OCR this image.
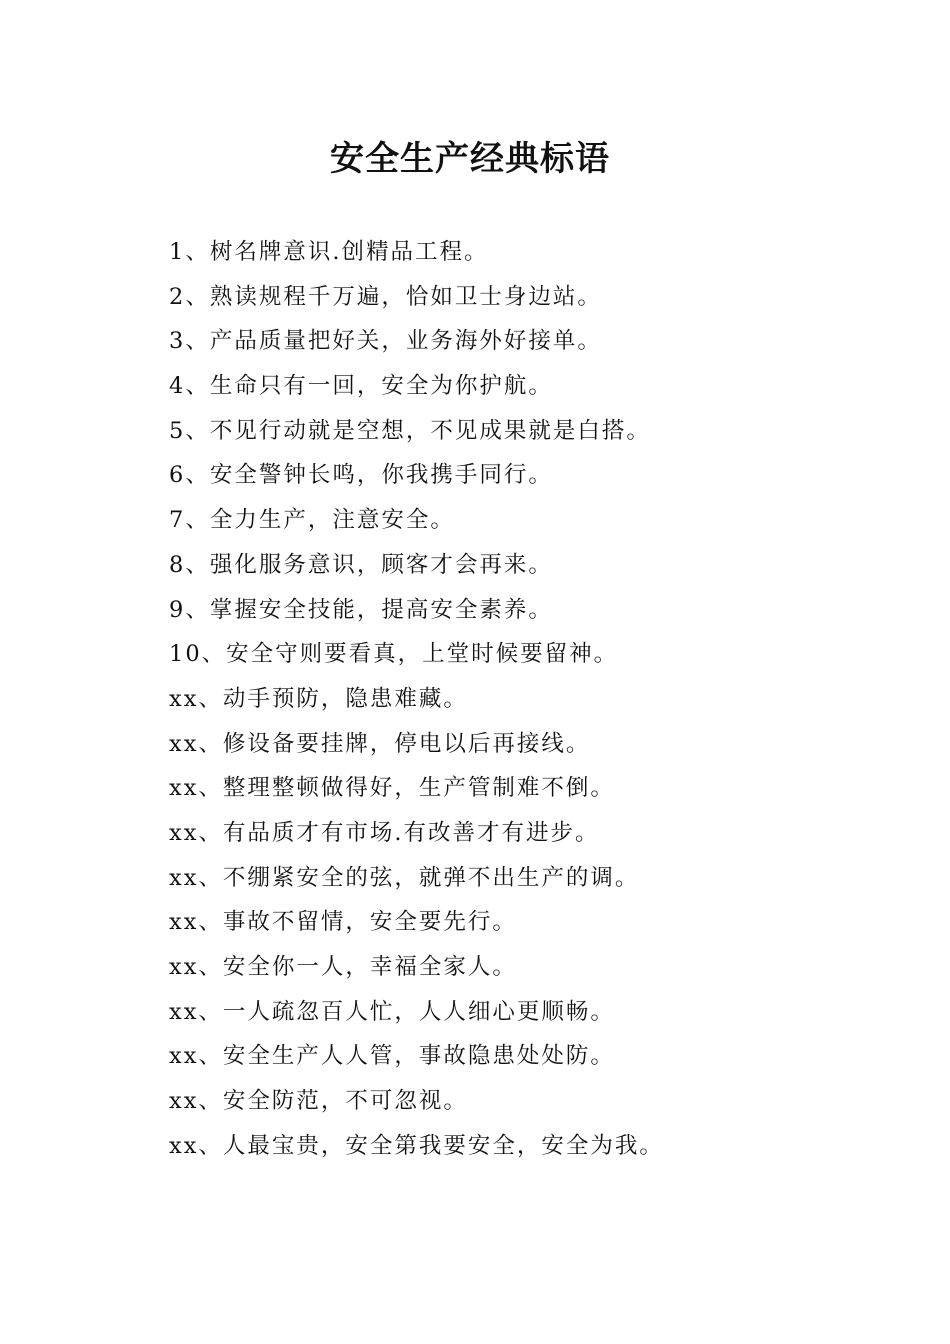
安全生产经典标语
1、树名牌意识.创精品工程。
2、熟读规程千万遍，恰如卫士身边站。
3、产品质量把好关，业务海外好接单。
4、生命只有一回，安全为你护航。
5、不见行动就是空想，不见成果就是白搭。
6、安全警钟长鸣，你我携手同行。
7、全力生产，注意安全。
8、强化服务意识，顾客才会再来。
9、掌握安全技能，提高安全素养。
10、安全守则要看真，上堂时候要留神。
xx、动手预防，隐患难藏。
xx、修设备要挂牌，停电以后再接线。
xx、整理整顿做得好，生产管制难不倒。
xx、有品质才有市场.有改善才有进步。
xx、不绷紧安全的弦，就弹不出生产的调。
xx、事故不留情，安全要先行。
xx、安全你一人，幸福全家人。
xx、一人疏忽百人忙，人人细心更顺畅。
xx、安全生产人人管，事故隐患处处防。
xx、安全防范，不可忽视。
xx、人最宝贵，安全第我要安全，安全为我。
